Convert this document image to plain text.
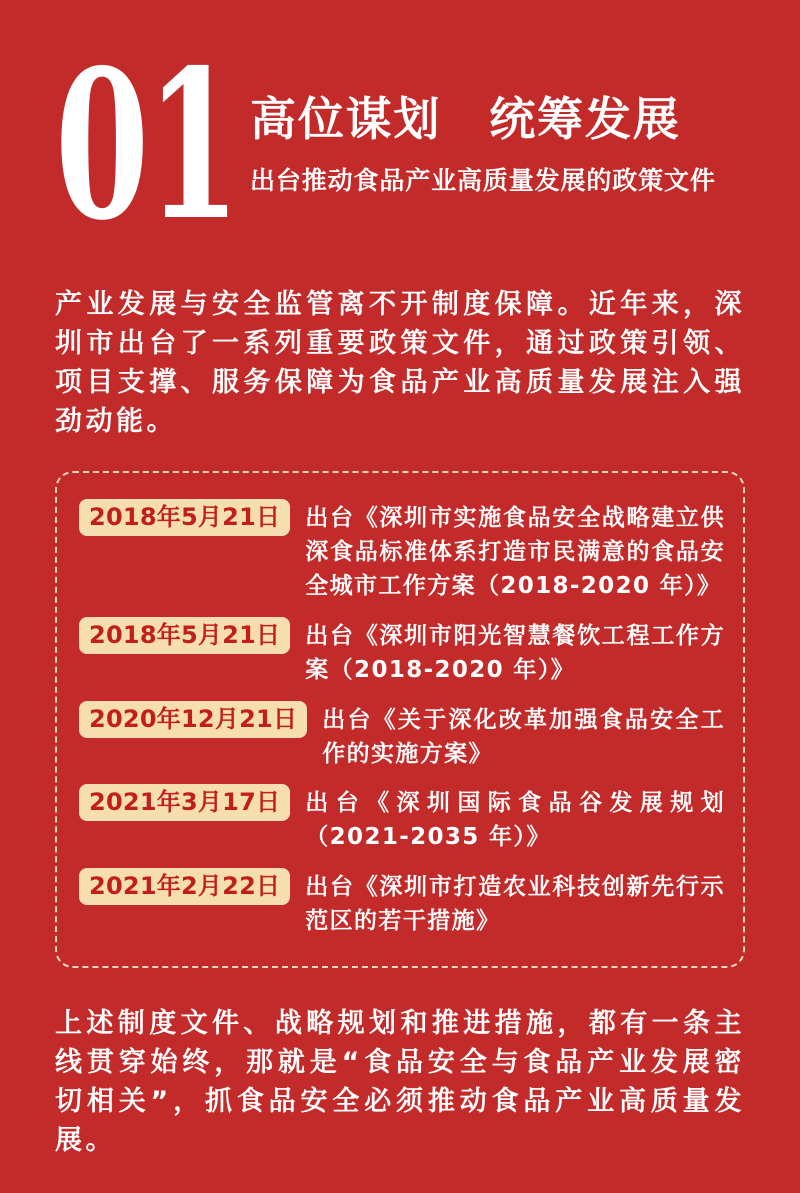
01 高位谋划　统筹发展
出台推动食品产业高质量发展的政策文件
产业发展与安全监管离不开制度保障。近年来，深圳市出台了一系列重要政策文件，通过政策引领、项目支撑、服务保障为食品产业高质量发展注入强劲动能。
2018年5月21日	出台《深圳市实施食品安全战略建立供深食品标准体系打造市民满意的食品安全城市工作方案（2018-2020 年）》
2018年5月21日	出台《深圳市阳光智慧餐饮工程工作方案（2018-2020 年）》
2020年12月21日	出台《关于深化改革加强食品安全工作的实施方案》
2021年3月17日	出台《深圳国际食品谷发展规划（2021-2035 年）》
2021年2月22日	出台《深圳市打造农业科技创新先行示范区的若干措施》
上述制度文件、战略规划和推进措施，都有一条主线贯穿始终，那就是“食品安全与食品产业发展密切相关”，抓食品安全必须推动食品产业高质量发展。
